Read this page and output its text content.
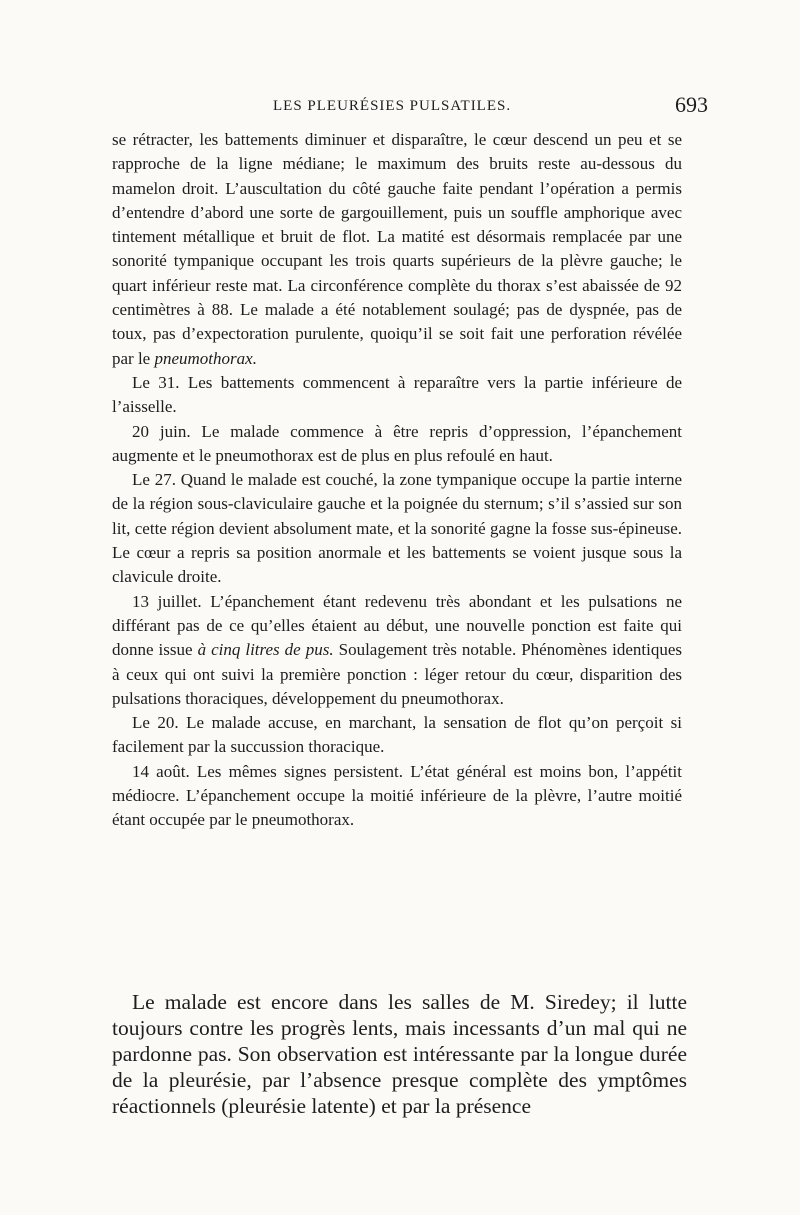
LES PLEURÉSIES PULSATILES.	693

se rétracter, les battements diminuer et disparaître, le cœur descend un peu et se rapproche de la ligne médiane; le maximum des bruits reste au-dessous du mamelon droit. L’auscultation du côté gauche faite pendant l’opération a permis d’entendre d’abord une sorte de gargouillement, puis un souffle amphorique avec tintement métallique et bruit de flot. La matité est désormais remplacée par une sonorité tympanique occupant les trois quarts supérieurs de la plèvre gauche; le quart inférieur reste mat. La circonférence complète du thorax s’est abaissée de 92 centimètres à 88. Le malade a été notablement soulagé; pas de dyspnée, pas de toux, pas d’expectoration purulente, quoiqu’il se soit fait une perforation révélée par le pneumothorax.

Le 31. Les battements commencent à reparaître vers la partie inférieure de l’aisselle.

20 juin. Le malade commence à être repris d’oppression, l’épanchement augmente et le pneumothorax est de plus en plus refoulé en haut.

Le 27. Quand le malade est couché, la zone tympanique occupe la partie interne de la région sous-claviculaire gauche et la poignée du sternum; s’il s’assied sur son lit, cette région devient absolument mate, et la sonorité gagne la fosse sus-épineuse. Le cœur a repris sa position anormale et les battements se voient jusque sous la clavicule droite.

13 juillet. L’épanchement étant redevenu très abondant et les pulsations ne différant pas de ce qu’elles étaient au début, une nouvelle ponction est faite qui donne issue à cinq litres de pus. Soulagement très notable. Phénomènes identiques à ceux qui ont suivi la première ponction : léger retour du cœur, disparition des pulsations thoraciques, développement du pneumothorax.

Le 20. Le malade accuse, en marchant, la sensation de flot qu’on perçoit si facilement par la succussion thoracique.

14 août. Les mêmes signes persistent. L’état général est moins bon, l’appétit médiocre. L’épanchement occupe la moitié inférieure de la plèvre, l’autre moitié étant occupée par le pneumothorax.

Le malade est encore dans les salles de M. Siredey; il lutte toujours contre les progrès lents, mais incessants d’un mal qui ne pardonne pas. Son observation est intéressante par la longue durée de la pleurésie, par l’absence presque complète des ymptômes réactionnels (pleurésie latente) et par la présence
